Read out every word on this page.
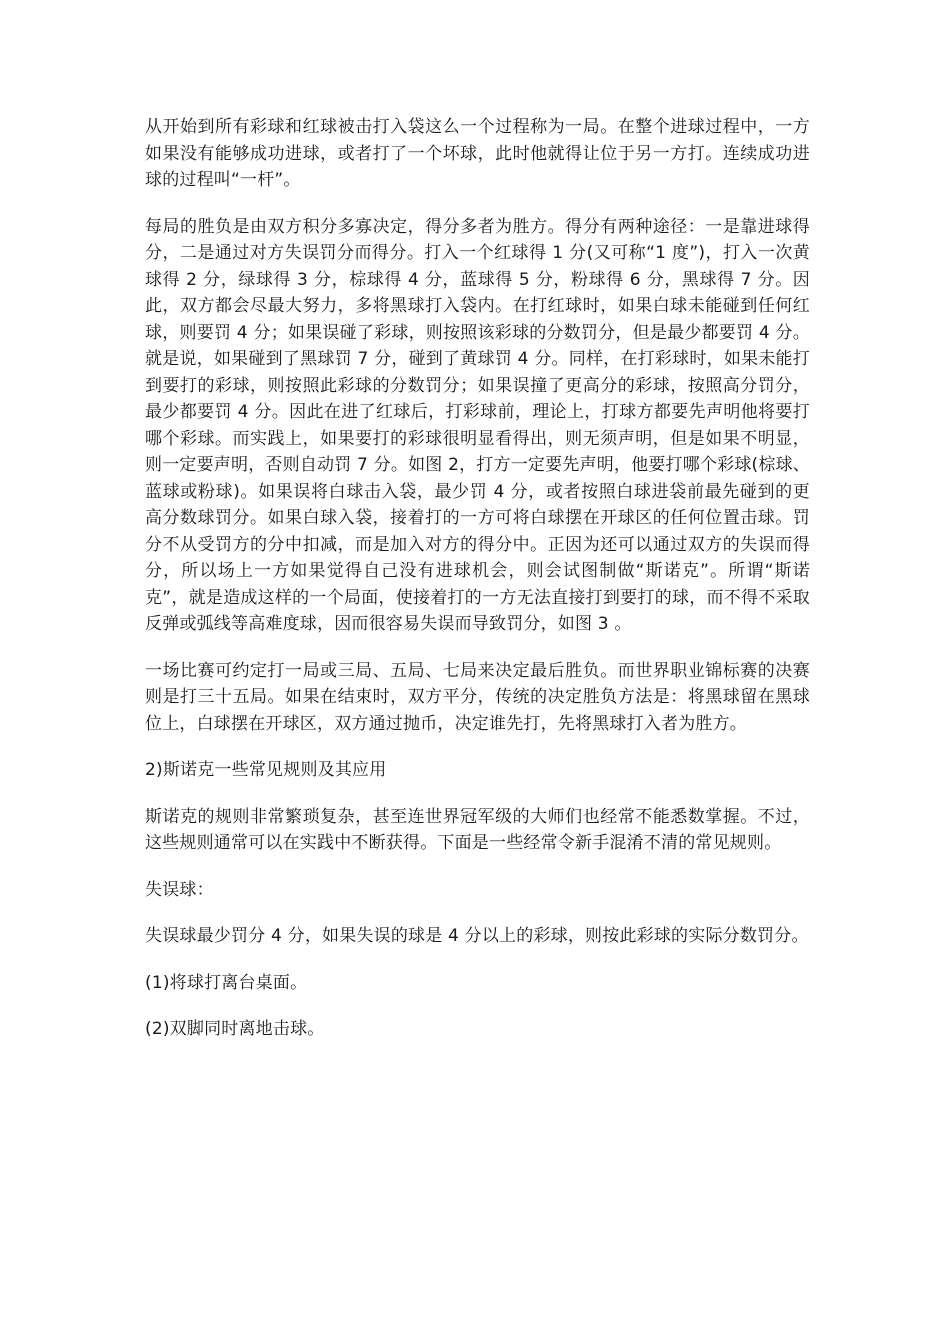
从开始到所有彩球和红球被击打入袋这么一个过程称为一局。在整个进球过程中，一方如果没有能够成功进球，或者打了一个坏球，此时他就得让位于另一方打。连续成功进球的过程叫“一杆”。

每局的胜负是由双方积分多寡决定，得分多者为胜方。得分有两种途径：一是靠进球得分，二是通过对方失误罚分而得分。打入一个红球得 1 分(又可称“1 度”)，打入一次黄球得 2 分，绿球得 3 分，棕球得 4 分，蓝球得 5 分，粉球得 6 分，黑球得 7 分。因此，双方都会尽最大努力，多将黑球打入袋内。在打红球时，如果白球未能碰到任何红球，则要罚 4 分；如果误碰了彩球，则按照该彩球的分数罚分，但是最少都要罚 4 分。就是说，如果碰到了黑球罚 7 分，碰到了黄球罚 4 分。同样，在打彩球时，如果未能打到要打的彩球，则按照此彩球的分数罚分；如果误撞了更高分的彩球，按照高分罚分，最少都要罚 4 分。因此在进了红球后，打彩球前，理论上，打球方都要先声明他将要打哪个彩球。而实践上，如果要打的彩球很明显看得出，则无须声明，但是如果不明显，则一定要声明，否则自动罚 7 分。如图 2，打方一定要先声明，他要打哪个彩球(棕球、蓝球或粉球)。如果误将白球击入袋，最少罚 4 分，或者按照白球进袋前最先碰到的更高分数球罚分。如果白球入袋，接着打的一方可将白球摆在开球区的任何位置击球。罚分不从受罚方的分中扣减，而是加入对方的得分中。正因为还可以通过双方的失误而得分，所以场上一方如果觉得自己没有进球机会，则会试图制做“斯诺克”。所谓“斯诺克”，就是造成这样的一个局面，使接着打的一方无法直接打到要打的球，而不得不采取反弹或弧线等高难度球，因而很容易失误而导致罚分，如图 3 。

一场比赛可约定打一局或三局、五局、七局来决定最后胜负。而世界职业锦标赛的决赛则是打三十五局。如果在结束时，双方平分，传统的决定胜负方法是：将黑球留在黑球位上，白球摆在开球区，双方通过抛币，决定谁先打，先将黑球打入者为胜方。

2)斯诺克一些常见规则及其应用

斯诺克的规则非常繁琐复杂，甚至连世界冠军级的大师们也经常不能悉数掌握。不过，这些规则通常可以在实践中不断获得。下面是一些经常令新手混淆不清的常见规则。

失误球：

失误球最少罚分 4 分，如果失误的球是 4 分以上的彩球，则按此彩球的实际分数罚分。

(1)将球打离台桌面。

(2)双脚同时离地击球。
